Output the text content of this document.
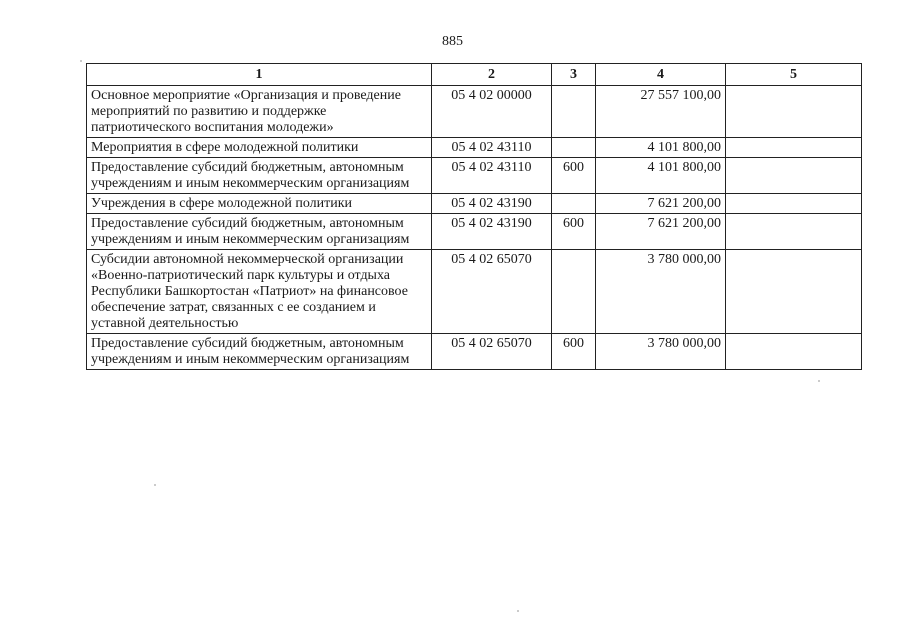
885
1	2	3	4	5
Основное мероприятие «Организация и проведение мероприятий по развитию и поддержке патриотического воспитания молодежи»	05 4 02 00000		27 557 100,00	
Мероприятия в сфере молодежной политики	05 4 02 43110		4 101 800,00	
Предоставление субсидий бюджетным, автономным учреждениям и иным некоммерческим организациям	05 4 02 43110	600	4 101 800,00	
Учреждения в сфере молодежной политики	05 4 02 43190		7 621 200,00	
Предоставление субсидий бюджетным, автономным учреждениям и иным некоммерческим организациям	05 4 02 43190	600	7 621 200,00	
Субсидии автономной некоммерческой организации «Военно-патриотический парк культуры и отдыха Республики Башкортостан «Патриот» на финансовое обеспечение затрат, связанных с ее созданием и уставной деятельностью	05 4 02 65070		3 780 000,00	
Предоставление субсидий бюджетным, автономным учреждениям и иным некоммерческим организациям	05 4 02 65070	600	3 780 000,00	
